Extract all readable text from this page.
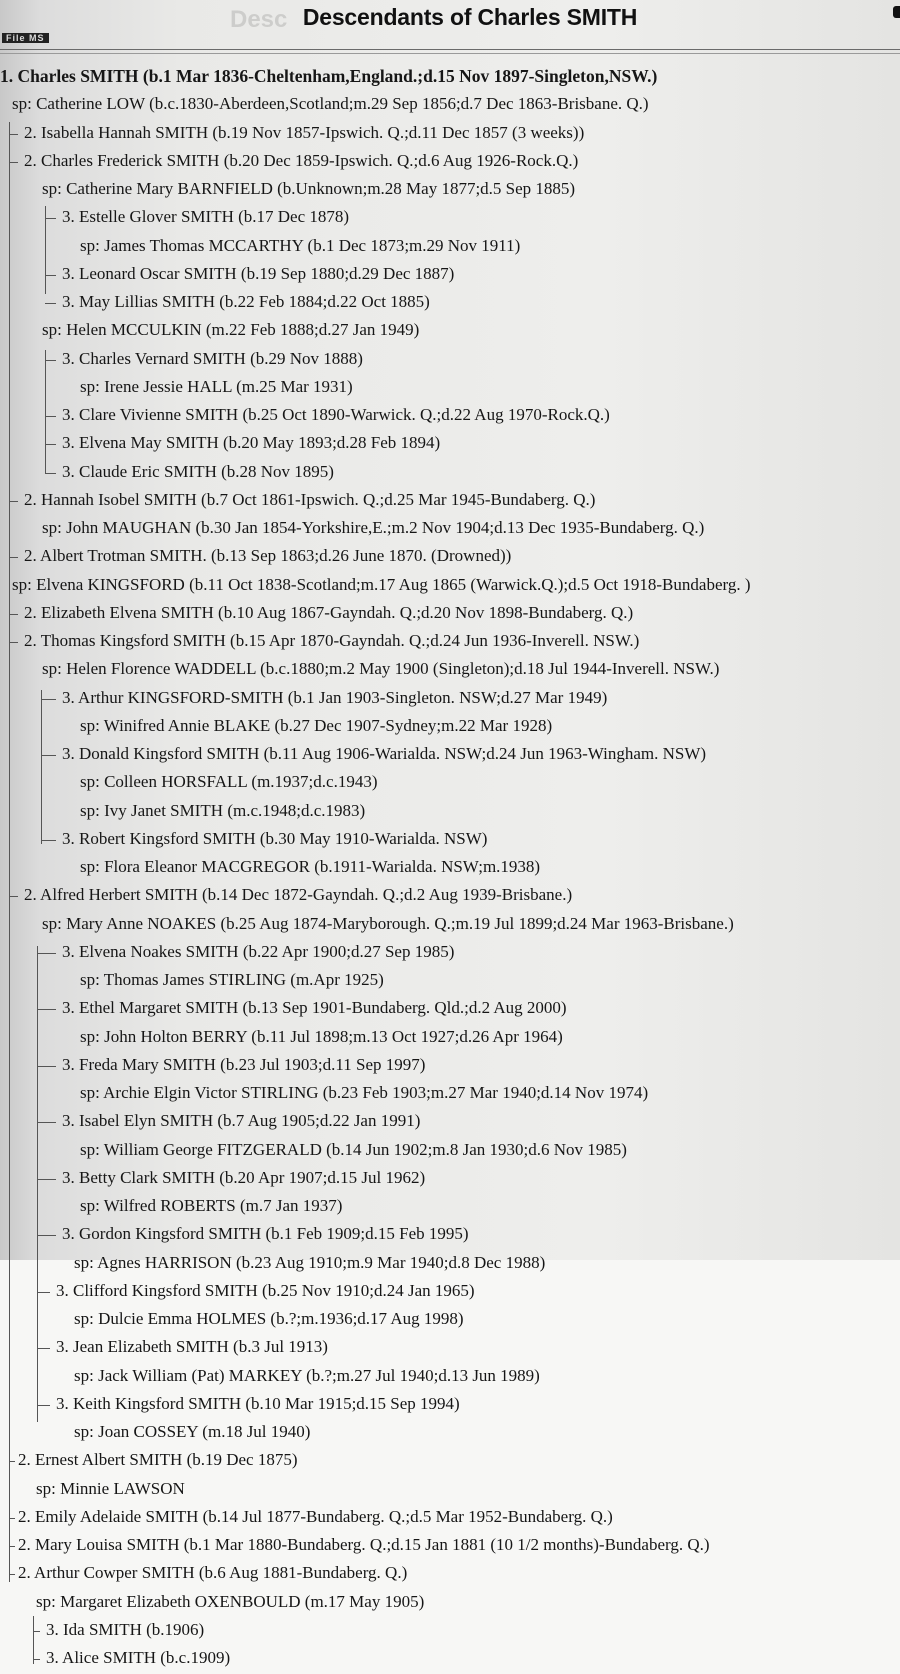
Desc Descendants of Charles SMITH
File MS
1. Charles SMITH (b.1 Mar 1836-Cheltenham,England.;d.15 Nov 1897-Singleton,NSW.)
sp: Catherine LOW (b.c.1830-Aberdeen,Scotland;m.29 Sep 1856;d.7 Dec 1863-Brisbane. Q.)
2. Isabella Hannah SMITH (b.19 Nov 1857-Ipswich. Q.;d.11 Dec 1857 (3 weeks))
2. Charles Frederick SMITH (b.20 Dec 1859-Ipswich. Q.;d.6 Aug 1926-Rock.Q.)
sp: Catherine Mary BARNFIELD (b.Unknown;m.28 May 1877;d.5 Sep 1885)
3. Estelle Glover SMITH (b.17 Dec 1878)
sp: James Thomas MCCARTHY (b.1 Dec 1873;m.29 Nov 1911)
3. Leonard Oscar SMITH (b.19 Sep 1880;d.29 Dec 1887)
3. May Lillias SMITH (b.22 Feb 1884;d.22 Oct 1885)
sp: Helen MCCULKIN (m.22 Feb 1888;d.27 Jan 1949)
3. Charles Vernard SMITH (b.29 Nov 1888)
sp: Irene Jessie HALL (m.25 Mar 1931)
3. Clare Vivienne SMITH (b.25 Oct 1890-Warwick. Q.;d.22 Aug 1970-Rock.Q.)
3. Elvena May SMITH (b.20 May 1893;d.28 Feb 1894)
3. Claude Eric SMITH (b.28 Nov 1895)
2. Hannah Isobel SMITH (b.7 Oct 1861-Ipswich. Q.;d.25 Mar 1945-Bundaberg. Q.)
sp: John MAUGHAN (b.30 Jan 1854-Yorkshire,E.;m.2 Nov 1904;d.13 Dec 1935-Bundaberg. Q.)
2. Albert Trotman SMITH. (b.13 Sep 1863;d.26 June 1870. (Drowned))
sp: Elvena KINGSFORD (b.11 Oct 1838-Scotland;m.17 Aug 1865 (Warwick.Q.);d.5 Oct 1918-Bundaberg. )
2. Elizabeth Elvena SMITH (b.10 Aug 1867-Gayndah. Q.;d.20 Nov 1898-Bundaberg. Q.)
2. Thomas Kingsford SMITH (b.15 Apr 1870-Gayndah. Q.;d.24 Jun 1936-Inverell. NSW.)
sp: Helen Florence WADDELL (b.c.1880;m.2 May 1900 (Singleton);d.18 Jul 1944-Inverell. NSW.)
3. Arthur KINGSFORD-SMITH (b.1 Jan 1903-Singleton. NSW;d.27 Mar 1949)
sp: Winifred Annie BLAKE (b.27 Dec 1907-Sydney;m.22 Mar 1928)
3. Donald Kingsford SMITH (b.11 Aug 1906-Warialda. NSW;d.24 Jun 1963-Wingham. NSW)
sp: Colleen HORSFALL (m.1937;d.c.1943)
sp: Ivy Janet SMITH (m.c.1948;d.c.1983)
3. Robert Kingsford SMITH (b.30 May 1910-Warialda. NSW)
sp: Flora Eleanor MACGREGOR (b.1911-Warialda. NSW;m.1938)
2. Alfred Herbert SMITH (b.14 Dec 1872-Gayndah. Q.;d.2 Aug 1939-Brisbane.)
sp: Mary Anne NOAKES (b.25 Aug 1874-Maryborough. Q.;m.19 Jul 1899;d.24 Mar 1963-Brisbane.)
3. Elvena Noakes SMITH (b.22 Apr 1900;d.27 Sep 1985)
sp: Thomas James STIRLING (m.Apr 1925)
3. Ethel Margaret SMITH (b.13 Sep 1901-Bundaberg. Qld.;d.2 Aug 2000)
sp: John Holton BERRY (b.11 Jul 1898;m.13 Oct 1927;d.26 Apr 1964)
3. Freda Mary SMITH (b.23 Jul 1903;d.11 Sep 1997)
sp: Archie Elgin Victor STIRLING (b.23 Feb 1903;m.27 Mar 1940;d.14 Nov 1974)
3. Isabel Elyn SMITH (b.7 Aug 1905;d.22 Jan 1991)
sp: William George FITZGERALD (b.14 Jun 1902;m.8 Jan 1930;d.6 Nov 1985)
3. Betty Clark SMITH (b.20 Apr 1907;d.15 Jul 1962)
sp: Wilfred ROBERTS (m.7 Jan 1937)
3. Gordon Kingsford SMITH (b.1 Feb 1909;d.15 Feb 1995)
sp: Agnes HARRISON (b.23 Aug 1910;m.9 Mar 1940;d.8 Dec 1988)
3. Clifford Kingsford SMITH (b.25 Nov 1910;d.24 Jan 1965)
sp: Dulcie Emma HOLMES (b.?;m.1936;d.17 Aug 1998)
3. Jean Elizabeth SMITH (b.3 Jul 1913)
sp: Jack William (Pat) MARKEY (b.?;m.27 Jul 1940;d.13 Jun 1989)
3. Keith Kingsford SMITH (b.10 Mar 1915;d.15 Sep 1994)
sp: Joan COSSEY (m.18 Jul 1940)
2. Ernest Albert SMITH (b.19 Dec 1875)
sp: Minnie LAWSON
2. Emily Adelaide SMITH (b.14 Jul 1877-Bundaberg. Q.;d.5 Mar 1952-Bundaberg. Q.)
2. Mary Louisa SMITH (b.1 Mar 1880-Bundaberg. Q.;d.15 Jan 1881 (10 1/2 months)-Bundaberg. Q.)
2. Arthur Cowper SMITH (b.6 Aug 1881-Bundaberg. Q.)
sp: Margaret Elizabeth OXENBOULD (m.17 May 1905)
3. Ida SMITH (b.1906)
3. Alice SMITH (b.c.1909)
